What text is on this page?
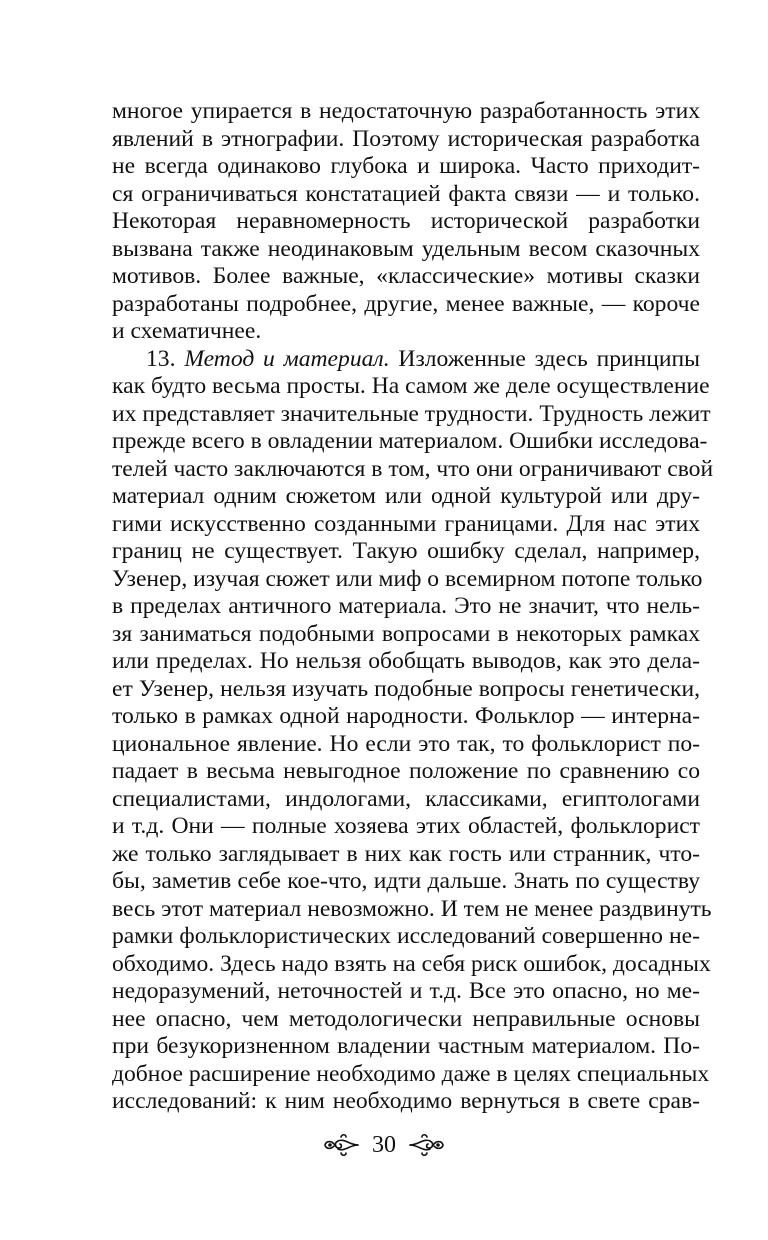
многое упирается в недостаточную разработанность этих
явлений в этнографии. Поэтому историческая разработка
не всегда одинаково глубока и широка. Часто приходит-
ся ограничиваться констатацией факта связи — и только.
Некоторая неравномерность исторической разработки
вызвана также неодинаковым удельным весом сказочных
мотивов. Более важные, «классические» мотивы сказки
разработаны подробнее, другие, менее важные, — короче
и схематичнее.
13. Метод и материал. Изложенные здесь принципы
как будто весьма просты. На самом же деле осуществление
их представляет значительные трудности. Трудность лежит
прежде всего в овладении материалом. Ошибки исследова-
телей часто заключаются в том, что они ограничивают свой
материал одним сюжетом или одной культурой или дру-
гими искусственно созданными границами. Для нас этих
границ не существует. Такую ошибку сделал, например,
Узенер, изучая сюжет или миф о всемирном потопе только
в пределах античного материала. Это не значит, что нель-
зя заниматься подобными вопросами в некоторых рамках
или пределах. Но нельзя обобщать выводов, как это дела-
ет Узенер, нельзя изучать подобные вопросы генетически,
только в рамках одной народности. Фольклор — интерна-
циональное явление. Но если это так, то фольклорист по-
падает в весьма невыгодное положение по сравнению со
специалистами, индологами, классиками, египтологами
и т.д. Они — полные хозяева этих областей, фольклорист
же только заглядывает в них как гость или странник, что-
бы, заметив себе кое-что, идти дальше. Знать по существу
весь этот материал невозможно. И тем не менее раздвинуть
рамки фольклористических исследований совершенно не-
обходимо. Здесь надо взять на себя риск ошибок, досадных
недоразумений, неточностей и т.д. Все это опасно, но ме-
нее опасно, чем методологически неправильные основы
при безукоризненном владении частным материалом. По-
добное расширение необходимо даже в целях специальных
исследований: к ним необходимо вернуться в свете срав-
30
